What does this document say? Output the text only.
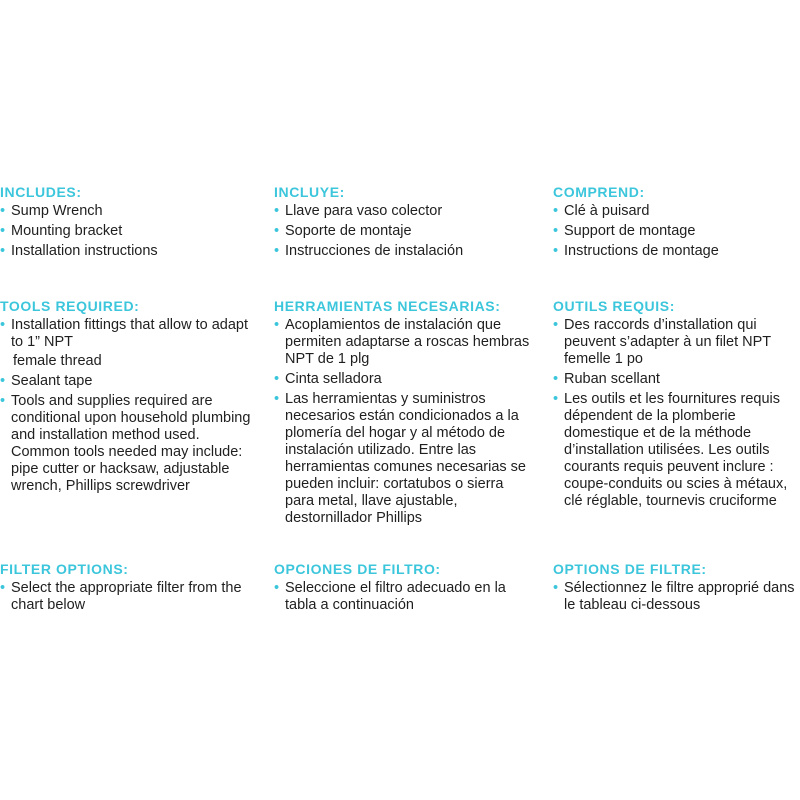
INCLUDES:
• Sump Wrench
• Mounting bracket
• Installation instructions
TOOLS REQUIRED:
• Installation fittings that allow to adapt to 1” NPT
female thread
• Sealant tape
• Tools and supplies required are conditional upon household plumbing and installation method used. Common tools needed may include: pipe cutter or hacksaw, adjustable wrench, Phillips screwdriver
FILTER OPTIONS:
• Select the appropriate filter from the chart below
INCLUYE:
• Llave para vaso colector
• Soporte de montaje
• Instrucciones de instalación
HERRAMIENTAS NECESARIAS:
• Acoplamientos de instalación que permiten adaptarse a roscas hembras NPT de 1 plg
• Cinta selladora
• Las herramientas y suministros necesarios están condicionados a la plomería del hogar y al método de instalación utilizado. Entre las herramientas comunes necesarias se pueden incluir: cortatubos o sierra para metal, llave ajustable, destornillador Phillips
OPCIONES DE FILTRO:
• Seleccione el filtro adecuado en la tabla a continuación
COMPREND:
• Clé à puisard
• Support de montage
• Instructions de montage
OUTILS REQUIS:
• Des raccords d’installation qui peuvent s’adapter à un filet NPT femelle 1 po
• Ruban scellant
• Les outils et les fournitures requis dépendent de la plomberie domestique et de la méthode d’installation utilisées. Les outils courants requis peuvent inclure : coupe-conduits ou scies à métaux, clé réglable, tournevis cruciforme
OPTIONS DE FILTRE:
• Sélectionnez le filtre approprié dans le tableau ci-dessous
